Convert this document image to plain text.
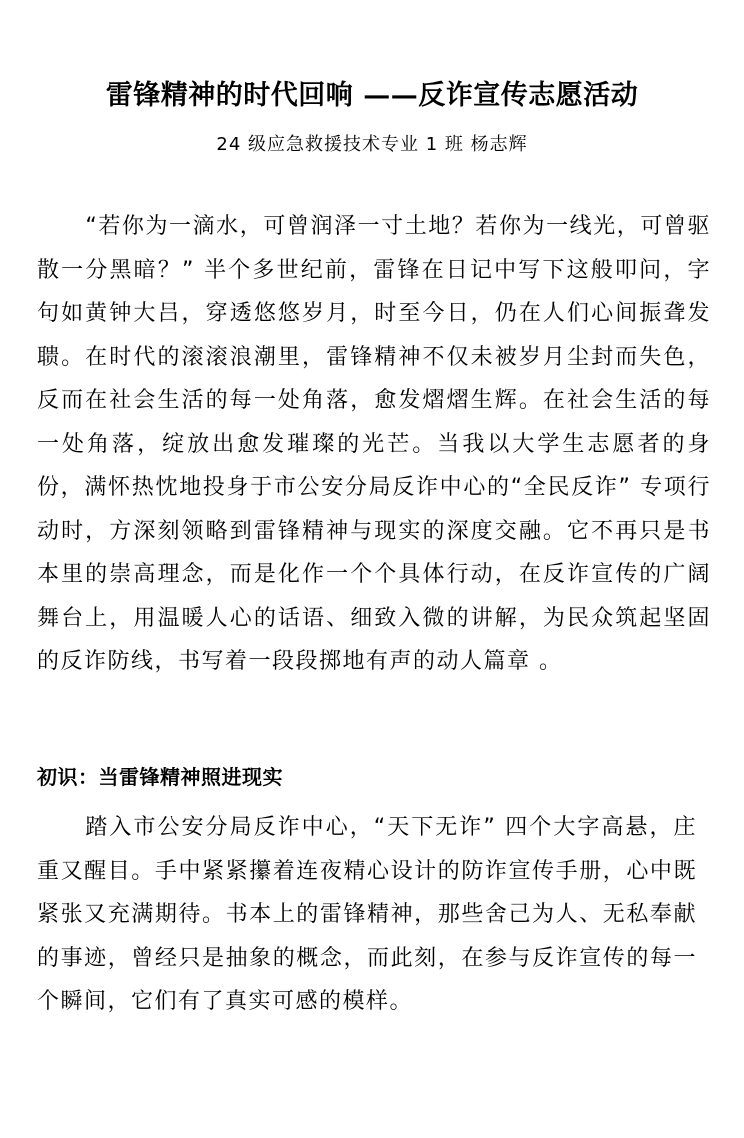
雷锋精神的时代回响 ——反诈宣传志愿活动
24 级应急救援技术专业 1 班 杨志辉

“若你为一滴水，可曾润泽一寸土地？若你为一线光，可曾驱散一分黑暗？” 半个多世纪前，雷锋在日记中写下这般叩问，字句如黄钟大吕，穿透悠悠岁月，时至今日，仍在人们心间振聋发聩。在时代的滚滚浪潮里，雷锋精神不仅未被岁月尘封而失色，反而在社会生活的每一处角落，愈发熠熠生辉。在社会生活的每一处角落，绽放出愈发璀璨的光芒。当我以大学生志愿者的身份，满怀热忱地投身于市公安分局反诈中心的“全民反诈” 专项行动时，方深刻领略到雷锋精神与现实的深度交融。它不再只是书本里的崇高理念，而是化作一个个具体行动，在反诈宣传的广阔舞台上，用温暖人心的话语、细致入微的讲解，为民众筑起坚固的反诈防线，书写着一段段掷地有声的动人篇章 。

初识：当雷锋精神照进现实

踏入市公安分局反诈中心，“天下无诈” 四个大字高悬，庄重又醒目。手中紧紧攥着连夜精心设计的防诈宣传手册，心中既紧张又充满期待。书本上的雷锋精神，那些舍己为人、无私奉献的事迹，曾经只是抽象的概念，而此刻，在参与反诈宣传的每一个瞬间，它们有了真实可感的模样。
